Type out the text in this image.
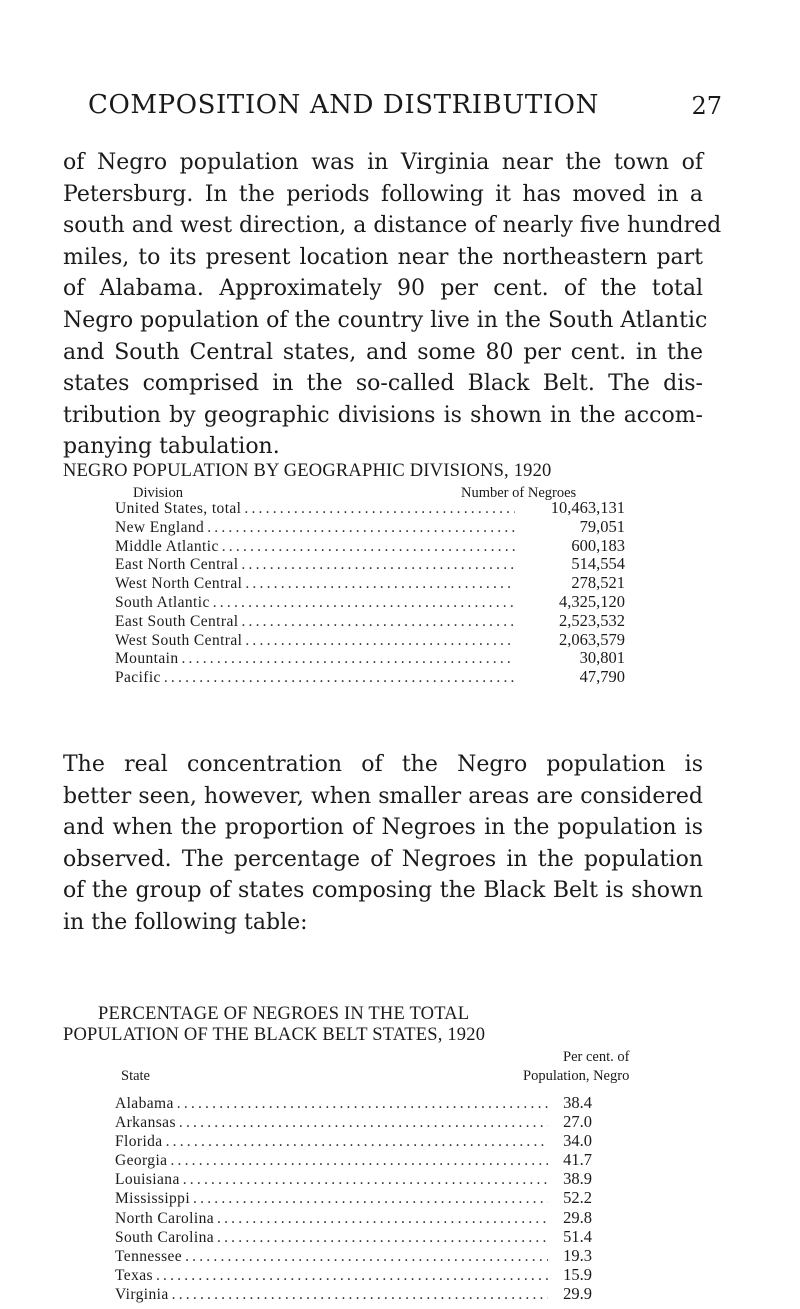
COMPOSITION AND DISTRIBUTION	27
of Negro population was in Virginia near the town of
Petersburg. In the periods following it has moved in a
south and west direction, a distance of nearly five hundred
miles, to its present location near the northeastern part
of Alabama. Approximately 90 per cent. of the total
Negro population of the country live in the South Atlantic
and South Central states, and some 80 per cent. in the
states comprised in the so-called Black Belt. The dis-
tribution by geographic divisions is shown in the accom-
panying tabulation.
NEGRO POPULATION BY GEOGRAPHIC DIVISIONS, 1920
Division	Number of Negroes
United States, total .....	10,463,131
New England .....	79,051
Middle Atlantic .....	600,183
East North Central .....	514,554
West North Central .....	278,521
South Atlantic .....	4,325,120
East South Central .....	2,523,532
West South Central .....	2,063,579
Mountain .....	30,801
Pacific .....	47,790
The real concentration of the Negro population is
better seen, however, when smaller areas are considered
and when the proportion of Negroes in the population is
observed. The percentage of Negroes in the population
of the group of states composing the Black Belt is shown
in the following table:
PERCENTAGE OF NEGROES IN THE TOTAL
POPULATION OF THE BLACK BELT STATES, 1920
State
Per cent. of
Population, Negro
Alabama .....	38.4
Arkansas .....	27.0
Florida .....	34.0
Georgia .....	41.7
Louisiana .....	38.9
Mississippi .....	52.2
North Carolina .....	29.8
South Carolina .....	51.4
Tennessee .....	19.3
Texas .....	15.9
Virginia .....	29.9
